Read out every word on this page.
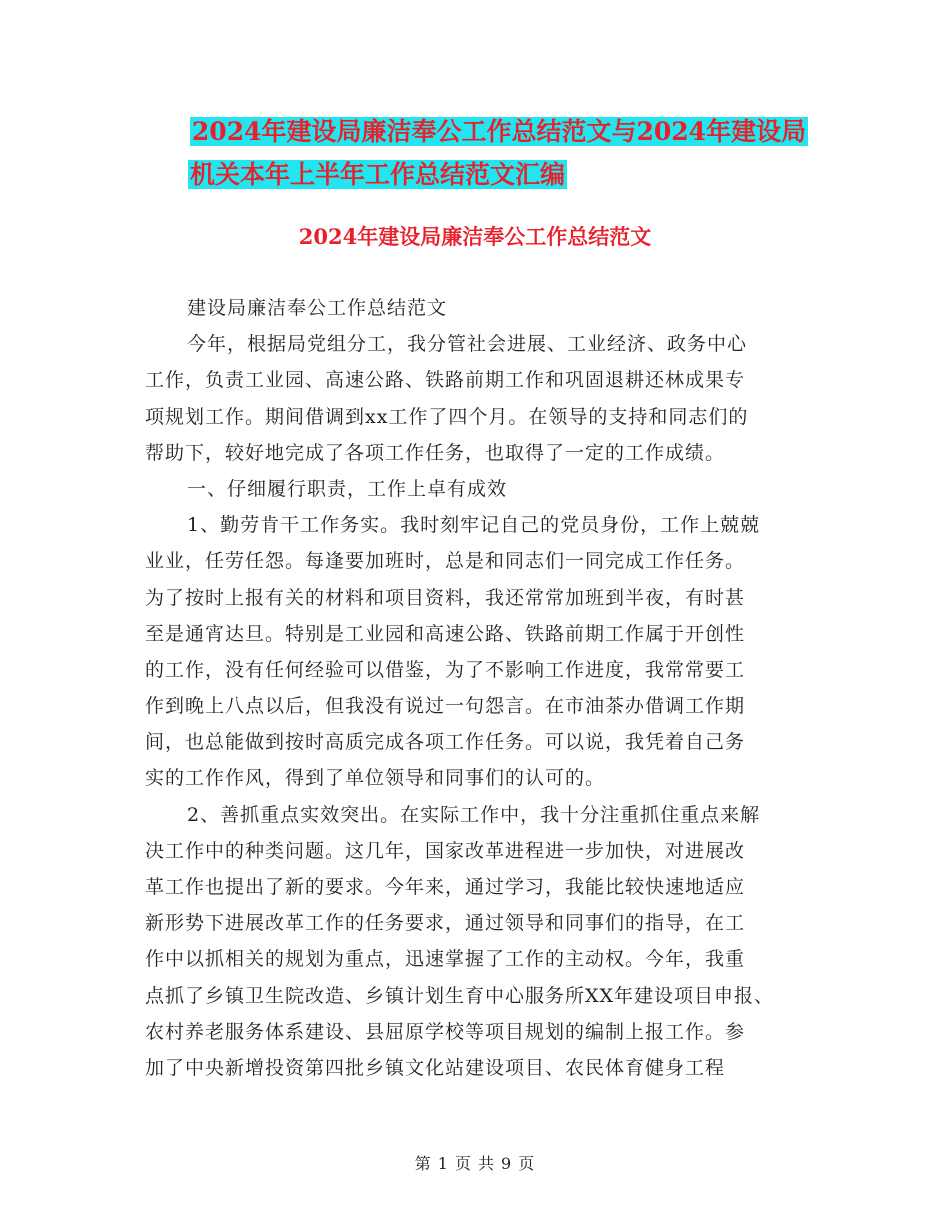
2024年建设局廉洁奉公工作总结范文与2024年建设局
机关本年上半年工作总结范文汇编
2024年建设局廉洁奉公工作总结范文
建设局廉洁奉公工作总结范文
今年，根据局党组分工，我分管社会进展、工业经济、政务中心
工作，负责工业园、高速公路、铁路前期工作和巩固退耕还林成果专
项规划工作。期间借调到xx工作了四个月。在领导的支持和同志们的
帮助下，较好地完成了各项工作任务，也取得了一定的工作成绩。
一、仔细履行职责，工作上卓有成效
1、勤劳肯干工作务实。我时刻牢记自己的党员身份，工作上兢兢
业业，任劳任怨。每逢要加班时，总是和同志们一同完成工作任务。
为了按时上报有关的材料和项目资料，我还常常加班到半夜，有时甚
至是通宵达旦。特别是工业园和高速公路、铁路前期工作属于开创性
的工作，没有任何经验可以借鉴，为了不影响工作进度，我常常要工
作到晚上八点以后，但我没有说过一句怨言。在市油茶办借调工作期
间，也总能做到按时高质完成各项工作任务。可以说，我凭着自己务
实的工作作风，得到了单位领导和同事们的认可的。
2、善抓重点实效突出。在实际工作中，我十分注重抓住重点来解
决工作中的种类问题。这几年，国家改革进程进一步加快，对进展改
革工作也提出了新的要求。今年来，通过学习，我能比较快速地适应
新形势下进展改革工作的任务要求，通过领导和同事们的指导，在工
作中以抓相关的规划为重点，迅速掌握了工作的主动权。今年，我重
点抓了乡镇卫生院改造、乡镇计划生育中心服务所XX年建设项目申报、
农村养老服务体系建设、县屈原学校等项目规划的编制上报工作。参
加了中央新增投资第四批乡镇文化站建设项目、农民体育健身工程
第 1 页 共 9 页
